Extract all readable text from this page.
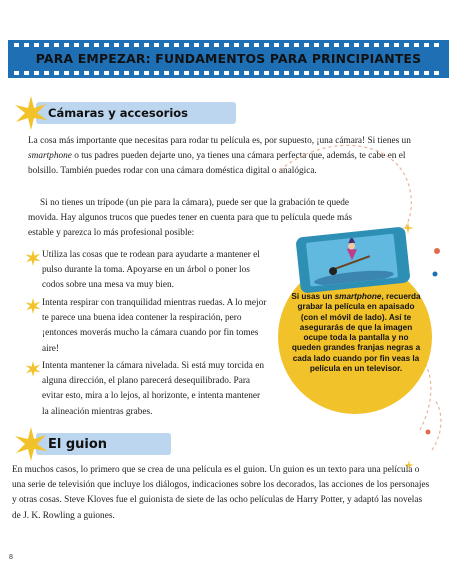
PARA EMPEZAR: FUNDAMENTOS PARA PRINCIPIANTES
Cámaras y accesorios
La cosa más importante que necesitas para rodar tu película es, por supuesto, ¡una cámara! Si tienes un smartphone o tus padres pueden dejarte uno, ya tienes una cámara perfecta que, además, te cabe en el bolsillo. También puedes rodar con una cámara doméstica digital o analógica.
Si no tienes un trípode (un pie para la cámara), puede ser que la grabación te quede movida. Hay algunos trucos que puedes tener en cuenta para que tu película quede más estable y parezca lo más profesional posible:
Utiliza las cosas que te rodean para ayudarte a mantener el pulso durante la toma. Apoyarse en un árbol o poner los codos sobre una mesa va muy bien.
Intenta respirar con tranquilidad mientras ruedas. A lo mejor te parece una buena idea contener la respiración, pero ¡entonces moverás mucho la cámara cuando por fin tomes aire!
Intenta mantener la cámara nivelada. Si está muy torcida en alguna dirección, el plano parecerá desequilibrado. Para evitar esto, mira a lo lejos, al horizonte, e intenta mantener la alineación mientras grabes.
Si usas un smartphone, recuerda grabar la película en apaisado (con el móvil de lado). Así te asegurarás de que la imagen ocupe toda la pantalla y no queden grandes franjas negras a cada lado cuando por fin veas la película en un televisor.
El guion
En muchos casos, lo primero que se crea de una película es el guion. Un guion es un texto para una película o una serie de televisión que incluye los diálogos, indicaciones sobre los decorados, las acciones de los personajes y otras cosas. Steve Kloves fue el guionista de siete de las ocho películas de Harry Potter, y adaptó las novelas de J. K. Rowling a guiones.
8
